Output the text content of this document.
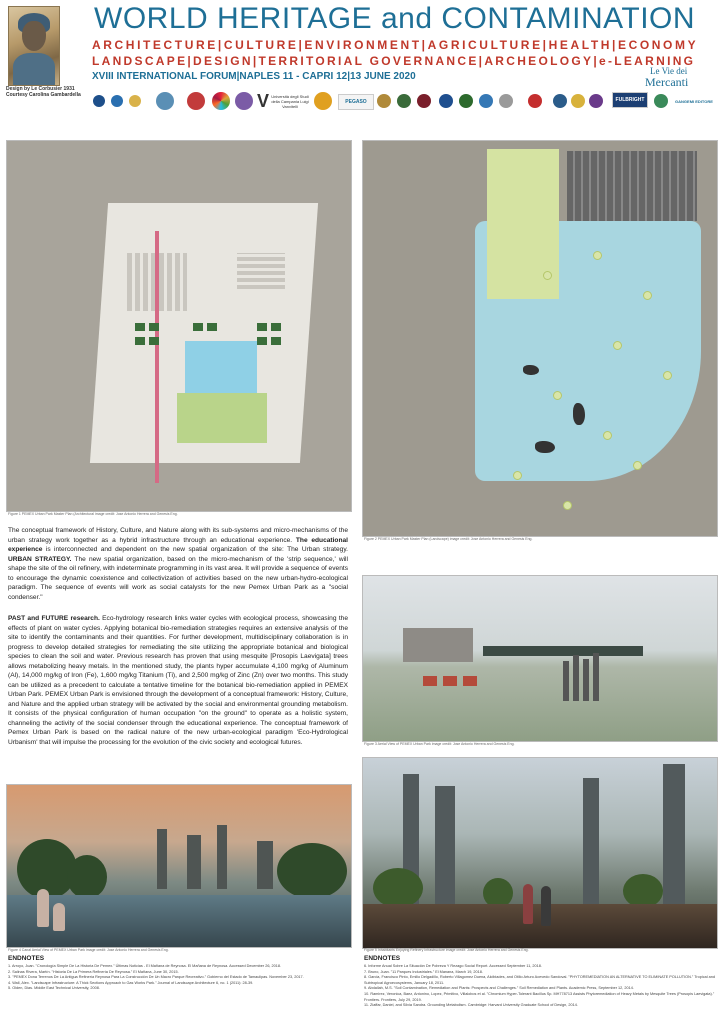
Design by Le Corbusier 1931
Courtesy Carolina Gambardella
WORLD HERITAGE and CONTAMINATION
ARCHITECTURE|CULTURE|ENVIRONMENT|AGRICULTURE|HEALTH|ECONOMY
LANDSCAPE|DESIGN|TERRITORIAL GOVERNANCE|ARCHEOLOGY|e-LEARNING
XVIII INTERNATIONAL FORUM|NAPLES 11 - CAPRI 12|13 JUNE 2020	Le Vie dei
Mercanti
V Università degli Studi della Campania Luigi Vanvitelli
PEGASO	FULBRIGHT	GANGEMI EDITORE
Figure 1 PEMEX Urban Park Master Plan (Architectural image credit: Jose Antonio Herrera and Genesis Eng.
Figure 2 PEMEX Urban Park Master Plan (Landscape) image credit: Jose Antonio Herrera and Genesis Eng.

The conceptual framework of History, Culture, and Nature along with its sub-systems and micro-mechanisms of the urban strategy work together as a hybrid infrastructure through an educational experience. The educational experience is interconnected and dependent on the new spatial organization of the site: The Urban strategy. URBAN STRATEGY. The new spatial organization, based on the micro-mechanism of the 'strip sequence,' will shape the site of the oil refinery, with indeterminate programming in its vast area. It will provide a sequence of events to encourage the dynamic coexistence and collectivization of activities based on the new urban-hydro-ecological paradigm. The sequence of events will work as social catalysts for the new Pemex Urban Park as a "social condenser."

PAST and FUTURE research. Eco-hydrology research links water cycles with ecological process, showcasing the effects of plant on water cycles. Applying botanical bio-remediation strategies requires an extensive analysis of the site to identify the contaminants and their quantities. For further development, multidisciplinary collaboration is in progress to develop detailed strategies for remediating the site utilizing the appropriate botanical and biological species to clean the soil and water. Previous research has proven that using mesquite [Prosopis Laevigata] trees allows metabolizing heavy metals. In the mentioned study, the plants hyper accumulate 4,100 mg/kg of Aluminum (Al), 14,000 mg/kg of Iron (Fe), 1,600 mg/kg Titanium (Ti), and 2,500 mg/kg of Zinc (Zn) over two months. This study can be utilized as a precedent to calculate a tentative timeline for the botanical bio-remediation applied in PEMEX Urban Park. PEMEX Urban Park is envisioned through the development of a conceptual framework: History, Culture, and Nature and the applied urban strategy will be activated by the social and environmental grounding metabolism. It consists of the physical configuration of human occupation "on the ground" to operate as a holistic system, channeling the activity of the social condenser through the educational experience. The conceptual framework of Pemex Urban Park is based on the radical nature of the new urban-ecological paradigm 'Eco-Hydrological Urbanism' that will impulse the processing for the evolution of the civic society and ecological futures.	Figure 3 Aerial View of PEMEX Urban Park image credit: Jose Antonio Herrera and Genesis Eng.
Figure 4 Canal Aerial View of PEMEX Urban Park image credit: Jose Antonio Herrera and Genesis Eng.	Figure 5 Inhabitants Enjoying Refinery Infrastructure image credit: Jose Antonio Herrera and Genesis Eng.
ENDNOTES
1. Arroyo, Juan. "Cronología Simple De La Historia De Pemex." Últimas Noticias - El Mañana de Reynosa. El Mañana de Reynosa. Accessed December 26, 2018.
2. Salinas Rivera, Martín. "Historia De La Primera Refinería De Reynosa." El Mañana, June 30, 2015.
3. "PEMEX Dona Terrenos De La Antigua Refinería Reynosa Para La Construcción De Un Macro Parque Recreativo." Gobierno del Estado de Tamaulipas. November 23, 2017.
4. Wall, Alex. "Landscape Infrastructure: A Thick Sections Approach to Gas Works Park." Journal of Landscape Architecture 6, no. 1 (2011): 28-39.
5. Olden, Dias. Middle East Technical University, 2008.
ENDNOTES
6. Informe Anual Sobre La Situación De Pobreza Y Rezago Social Report. Accessed September 11, 2018.
7. Bruno, Juan. "11 Parques Industriales." El Manana, March 19, 2018.
8. Garcia, Francisco Pinto, Emilio Delgadillo, Roberto Villagomez Duena, Alcibiades, and Otilio Arturo Acevedo Sandoval. "PHYTOREMEDIATION AN ALTERNATIVE TO ELIMINATE POLLUTION." Tropical and Subtropical Agroecosystems, January 18, 2011.
9. Abdallah, M.S. "Soil Contamination, Remediation and Plants: Prospects and Challenges." Soil Remediation and Plants. Academic Press, September 12, 2014.
10. Ramirez, Veronica, Baez, Antonino, Lopez, Primitivo, Villalobos et al. "Chromium Hyper-Tolerant Bacillus Sp. MH778713 Assists Phytoremediation of Heavy Metals by Mesquite Trees (Prosopis Laevigata)." Frontiers. Frontiers, July 29, 2019.
11. Ziaffar, Daniel, and Silvia Sandra. Grounding Metabolism. Cambridge: Harvard University Graduate School of Design, 2014.
